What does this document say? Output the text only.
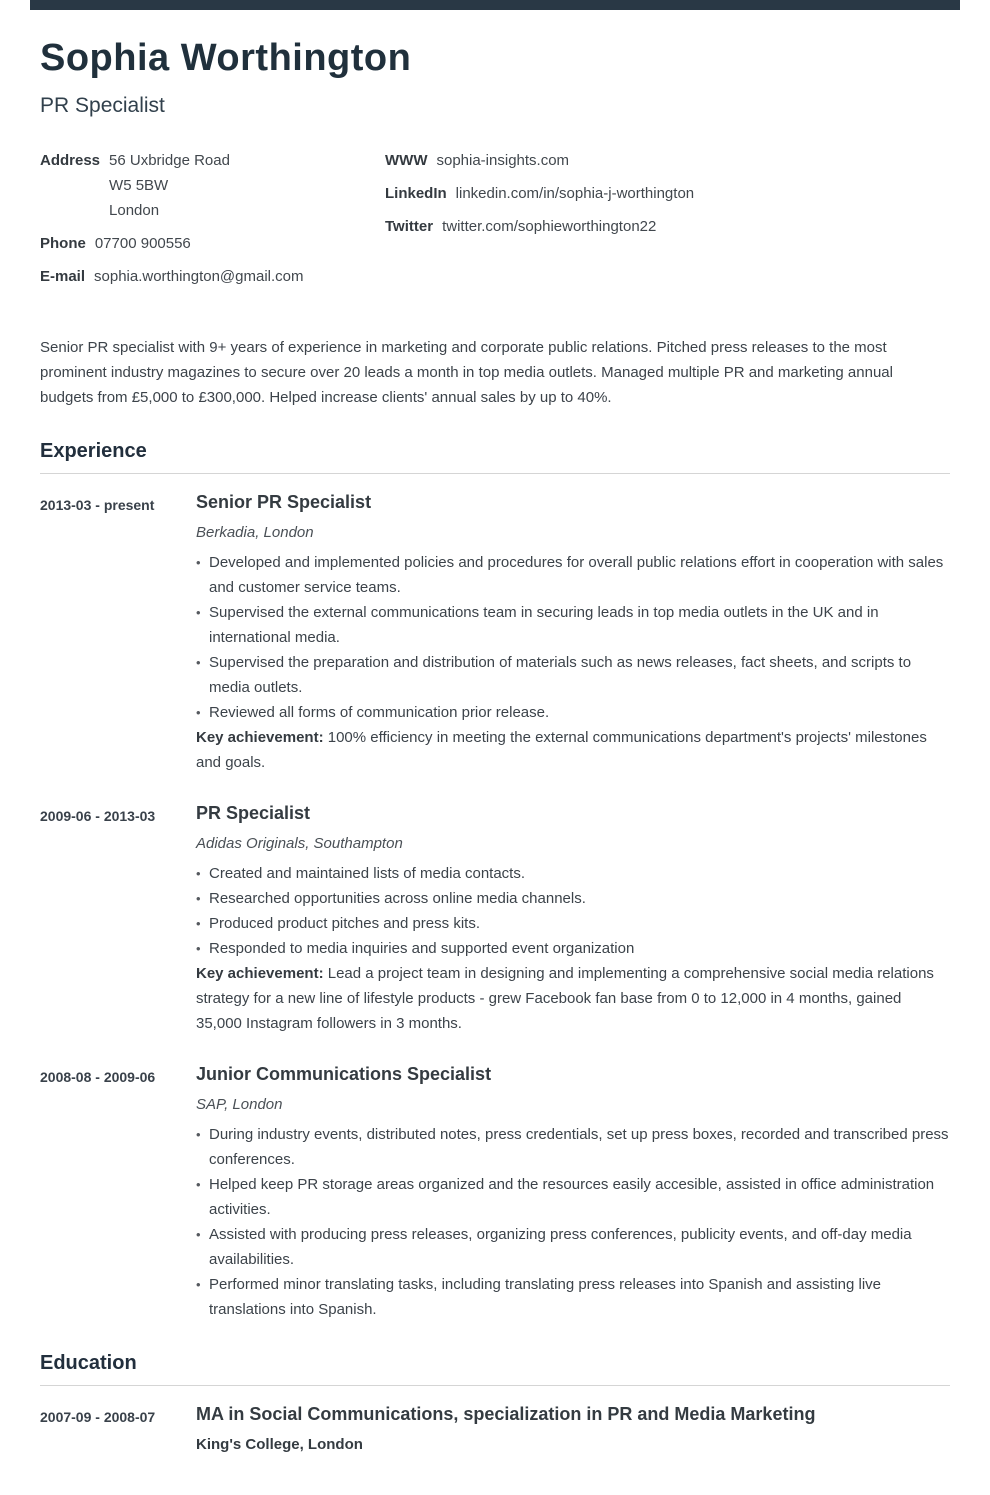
Sophia Worthington
PR Specialist
Address 56 Uxbridge Road
W5 5BW
London
Phone 07700 900556
E-mail sophia.worthington@gmail.com
WWW sophia-insights.com
LinkedIn linkedin.com/in/sophia-j-worthington
Twitter twitter.com/sophieworthington22

Senior PR specialist with 9+ years of experience in marketing and corporate public relations. Pitched press releases to the most prominent industry magazines to secure over 20 leads a month in top media outlets. Managed multiple PR and marketing annual budgets from £5,000 to £300,000. Helped increase clients' annual sales by up to 40%.

Experience
2013-03 - present	Senior PR Specialist
Berkadia, London
• Developed and implemented policies and procedures for overall public relations effort in cooperation with sales and customer service teams.
• Supervised the external communications team in securing leads in top media outlets in the UK and in international media.
• Supervised the preparation and distribution of materials such as news releases, fact sheets, and scripts to media outlets.
• Reviewed all forms of communication prior release.

Key achievement: 100% efficiency in meeting the external communications department's projects' milestones and goals.

2009-06 - 2013-03	PR Specialist
Adidas Originals, Southampton
• Created and maintained lists of media contacts.
• Researched opportunities across online media channels.
• Produced product pitches and press kits.
• Responded to media inquiries and supported event organization

Key achievement: Lead a project team in designing and implementing a comprehensive social media relations strategy for a new line of lifestyle products - grew Facebook fan base from 0 to 12,000 in 4 months, gained 35,000 Instagram followers in 3 months.

2008-08 - 2009-06	Junior Communications Specialist
SAP, London
• During industry events, distributed notes, press credentials, set up press boxes, recorded and transcribed press conferences.
• Helped keep PR storage areas organized and the resources easily accesible, assisted in office administration activities.
• Assisted with producing press releases, organizing press conferences, publicity events, and off-day media availabilities.
• Performed minor translating tasks, including translating press releases into Spanish and assisting live translations into Spanish.
Education
2007-09 - 2008-07	MA in Social Communications, specialization in PR and Media Marketing
King's College, London
